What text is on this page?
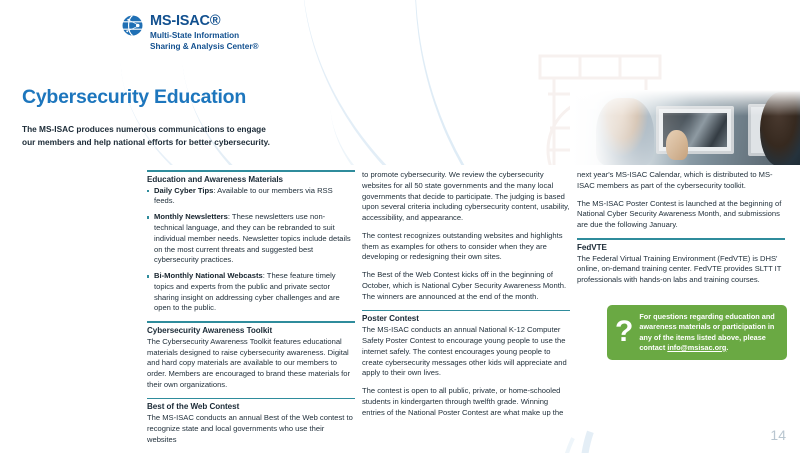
MS-ISAC®
Multi-State Information
Sharing & Analysis Center®
Cybersecurity Education
The MS-ISAC produces numerous communications to engage our members and help national efforts for better cybersecurity.
Education and Awareness Materials
Daily Cyber Tips: Available to our members via RSS feeds.
Monthly Newsletters: These newsletters use non-technical language, and they can be rebranded to suit individual member needs. Newsletter topics include details on the most current threats and suggested best cybersecurity practices.
Bi-Monthly National Webcasts: These feature timely topics and experts from the public and private sector sharing insight on addressing cyber challenges and are open to the public.
Cybersecurity Awareness Toolkit
The Cybersecurity Awareness Toolkit features educational materials designed to raise cybersecurity awareness. Digital and hard copy materials are available to our members to order. Members are encouraged to brand these materials for their own organizations.
Best of the Web Contest
The MS-ISAC conducts an annual Best of the Web contest to recognize state and local governments who use their websites
to promote cybersecurity. We review the cybersecurity websites for all 50 state governments and the many local governments that decide to participate. The judging is based upon several criteria including cybersecurity content, usability, accessibility, and appearance.
The contest recognizes outstanding websites and highlights them as examples for others to consider when they are developing or redesigning their own sites.
The Best of the Web Contest kicks off in the beginning of October, which is National Cyber Security Awareness Month. The winners are announced at the end of the month.
Poster Contest
The MS-ISAC conducts an annual National K-12 Computer Safety Poster Contest to encourage young people to use the internet safely. The contest encourages young people to create cybersecurity messages other kids will appreciate and apply to their own lives.
The contest is open to all public, private, or home-schooled students in kindergarten through twelfth grade. Winning entries of the National Poster Contest are what make up the
next year's MS-ISAC Calendar, which is distributed to MS-ISAC members as part of the cybersecurity toolkit.
The MS-ISAC Poster Contest is launched at the beginning of National Cyber Security Awareness Month, and submissions are due the following January.
FedVTE
The Federal Virtual Training Environment (FedVTE) is DHS' online, on-demand training center. FedVTE provides SLTT IT professionals with hands-on labs and training courses.
? For questions regarding education and awareness materials or participation in any of the items listed above, please contact info@msisac.org.
14
